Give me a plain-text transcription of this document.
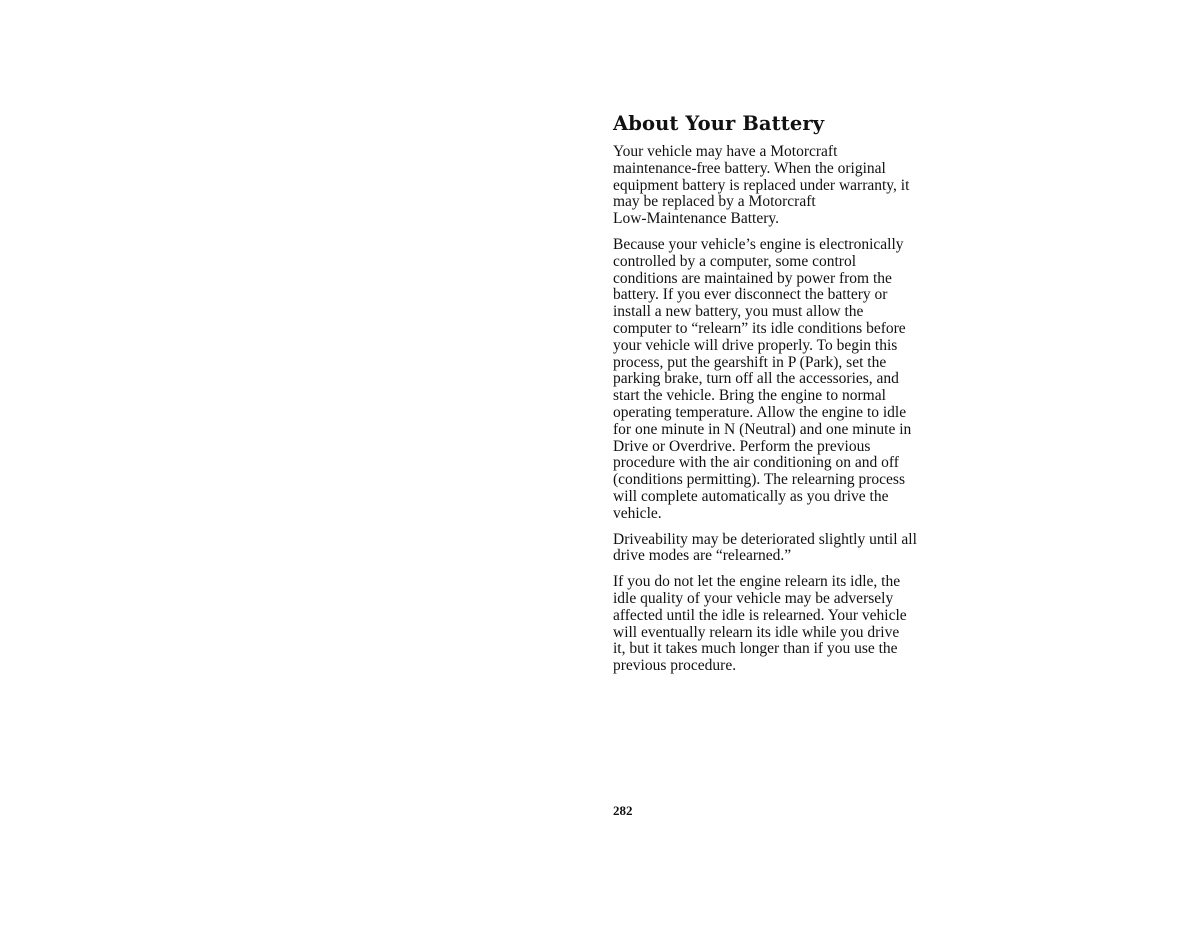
About Your Battery

Your vehicle may have a Motorcraft
maintenance-free battery. When the original
equipment battery is replaced under warranty, it
may be replaced by a Motorcraft
Low-Maintenance Battery.

Because your vehicle’s engine is electronically
controlled by a computer, some control
conditions are maintained by power from the
battery. If you ever disconnect the battery or
install a new battery, you must allow the
computer to “relearn” its idle conditions before
your vehicle will drive properly. To begin this
process, put the gearshift in P (Park), set the
parking brake, turn off all the accessories, and
start the vehicle. Bring the engine to normal
operating temperature. Allow the engine to idle
for one minute in N (Neutral) and one minute in
Drive or Overdrive. Perform the previous
procedure with the air conditioning on and off
(conditions permitting). The relearning process
will complete automatically as you drive the
vehicle.

Driveability may be deteriorated slightly until all
drive modes are “relearned.”

If you do not let the engine relearn its idle, the
idle quality of your vehicle may be adversely
affected until the idle is relearned. Your vehicle
will eventually relearn its idle while you drive
it, but it takes much longer than if you use the
previous procedure.

282
